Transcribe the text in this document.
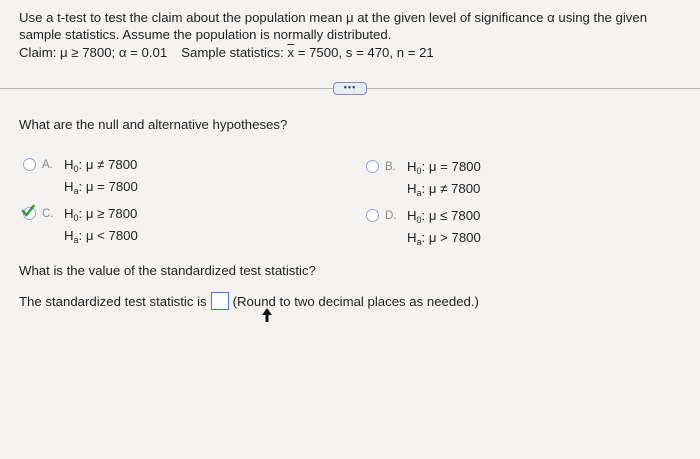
Use a t-test to test the claim about the population mean μ at the given level of significance α using the given sample statistics. Assume the population is normally distributed.
Claim: μ ≥ 7800; α = 0.01 Sample statistics: $\overline{x} = 7500$, s = 470, n = 21
•••
What are the null and alternative hypotheses?
A. $H_0$: μ ≠ 7800
$H_a$: μ = 7800
B. $H_0$: μ = 7800
$H_a$: μ ≠ 7800
C. $H_0$: μ ≥ 7800
$H_a$: μ < 7800
D. $H_0$: μ ≤ 7800
$H_a$: μ > 7800
What is the value of the standardized test statistic?
The standardized test statistic is (Round to two decimal places as needed.)
